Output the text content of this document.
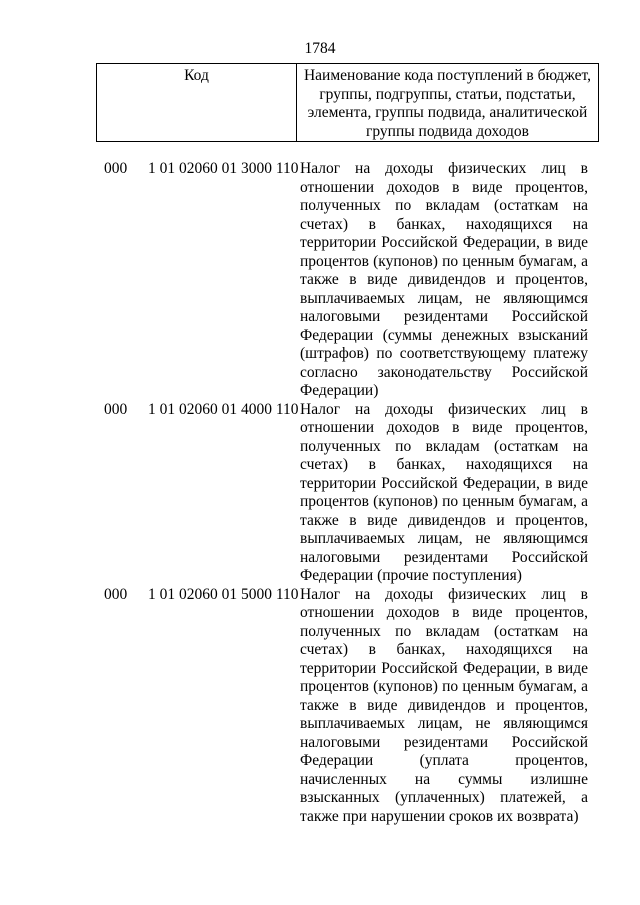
1784
Код	Наименование кода поступлений в бюджет, группы, подгруппы, статьи, подстатьи, элемента, группы подвида, аналитической группы подвида доходов
000 1 01 02060 01 3000 110 Налог на доходы физических лиц в отношении доходов в виде процентов, полученных по вкладам (остаткам на счетах) в банках, находящихся на территории Российской Федерации, в виде процентов (купонов) по ценным бумагам, а также в виде дивидендов и процентов, выплачиваемых лицам, не являющимся налоговыми резидентами Российской Федерации (суммы денежных взысканий (штрафов) по соответствующему платежу согласно законодательству Российской Федерации)
000 1 01 02060 01 4000 110 Налог на доходы физических лиц в отношении доходов в виде процентов, полученных по вкладам (остаткам на счетах) в банках, находящихся на территории Российской Федерации, в виде процентов (купонов) по ценным бумагам, а также в виде дивидендов и процентов, выплачиваемых лицам, не являющимся налоговыми резидентами Российской Федерации (прочие поступления)
000 1 01 02060 01 5000 110 Налог на доходы физических лиц в отношении доходов в виде процентов, полученных по вкладам (остаткам на счетах) в банках, находящихся на территории Российской Федерации, в виде процентов (купонов) по ценным бумагам, а также в виде дивидендов и процентов, выплачиваемых лицам, не являющимся налоговыми резидентами Российской Федерации (уплата процентов, начисленных на суммы излишне взысканных (уплаченных) платежей, а также при нарушении сроков их возврата)
